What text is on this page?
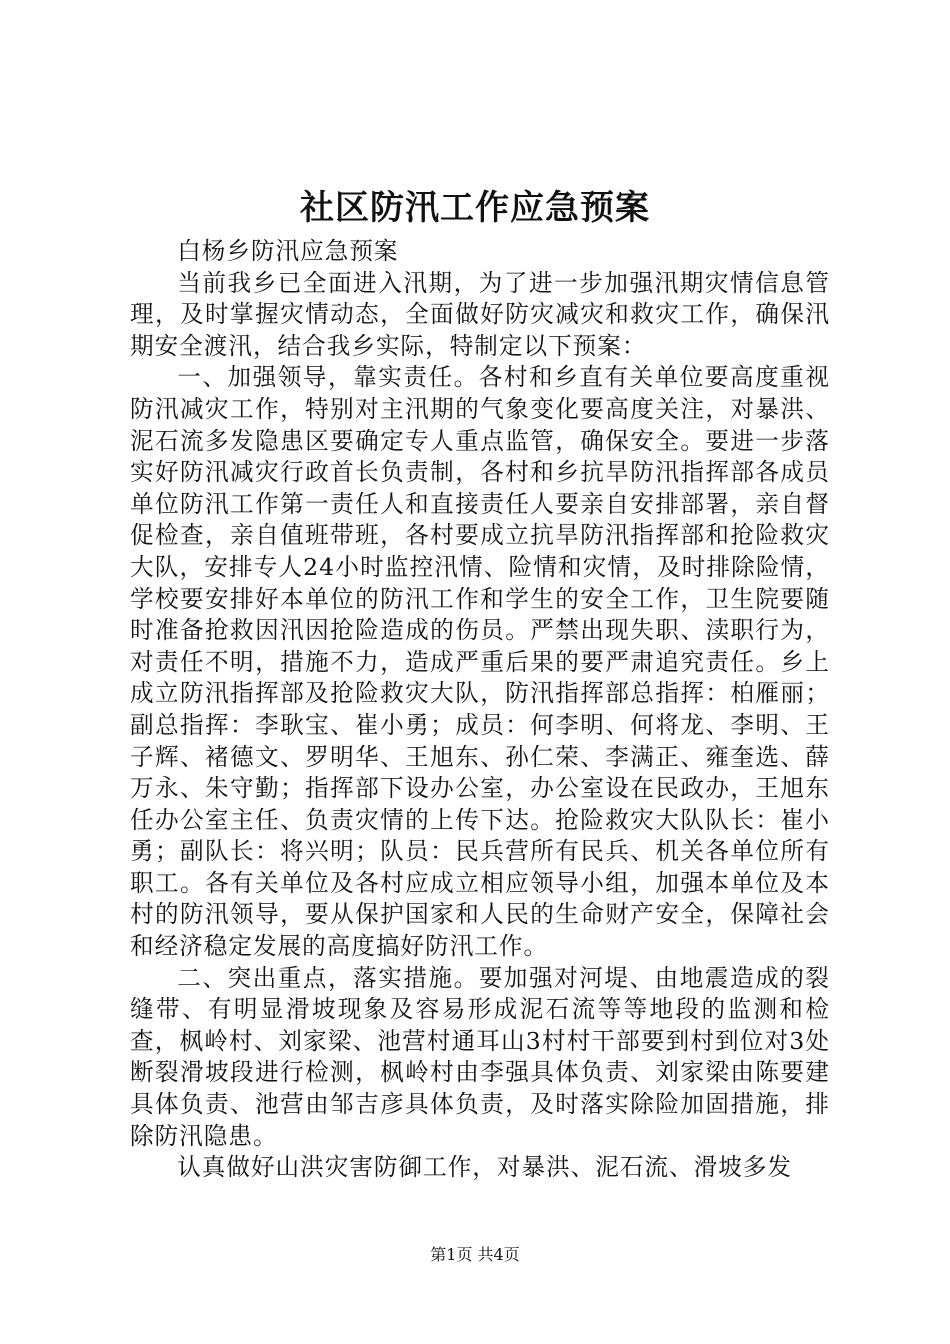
社区防汛工作应急预案

白杨乡防汛应急预案

当前我乡已全面进入汛期，为了进一步加强汛期灾情信息管理，及时掌握灾情动态，全面做好防灾减灾和救灾工作，确保汛期安全渡汛，结合我乡实际，特制定以下预案：

一、加强领导，靠实责任。各村和乡直有关单位要高度重视防汛减灾工作，特别对主汛期的气象变化要高度关注，对暴洪、泥石流多发隐患区要确定专人重点监管，确保安全。要进一步落实好防汛减灾行政首长负责制，各村和乡抗旱防汛指挥部各成员单位防汛工作第一责任人和直接责任人要亲自安排部署，亲自督促检查，亲自值班带班，各村要成立抗旱防汛指挥部和抢险救灾大队，安排专人24小时监控汛情、险情和灾情，及时排除险情，学校要安排好本单位的防汛工作和学生的安全工作，卫生院要随时准备抢救因汛因抢险造成的伤员。严禁出现失职、渎职行为，对责任不明，措施不力，造成严重后果的要严肃追究责任。乡上成立防汛指挥部及抢险救灾大队，防汛指挥部总指挥：柏雁丽；副总指挥：李耿宝、崔小勇；成员：何李明、何将龙、李明、王子辉、褚德文、罗明华、王旭东、孙仁荣、李满正、雍奎选、薛万永、朱守勤；指挥部下设办公室，办公室设在民政办，王旭东任办公室主任、负责灾情的上传下达。抢险救灾大队队长：崔小勇；副队长：将兴明；队员：民兵营所有民兵、机关各单位所有职工。各有关单位及各村应成立相应领导小组，加强本单位及本村的防汛领导，要从保护国家和人民的生命财产安全，保障社会和经济稳定发展的高度搞好防汛工作。

二、突出重点，落实措施。要加强对河堤、由地震造成的裂缝带、有明显滑坡现象及容易形成泥石流等等地段的监测和检查，枫岭村、刘家梁、池营村通耳山3村村干部要到村到位对3处断裂滑坡段进行检测，枫岭村由李强具体负责、刘家梁由陈要建具体负责、池营由邹吉彦具体负责，及时落实除险加固措施，排除防汛隐患。

认真做好山洪灾害防御工作，对暴洪、泥石流、滑坡多发

第1页 共4页
